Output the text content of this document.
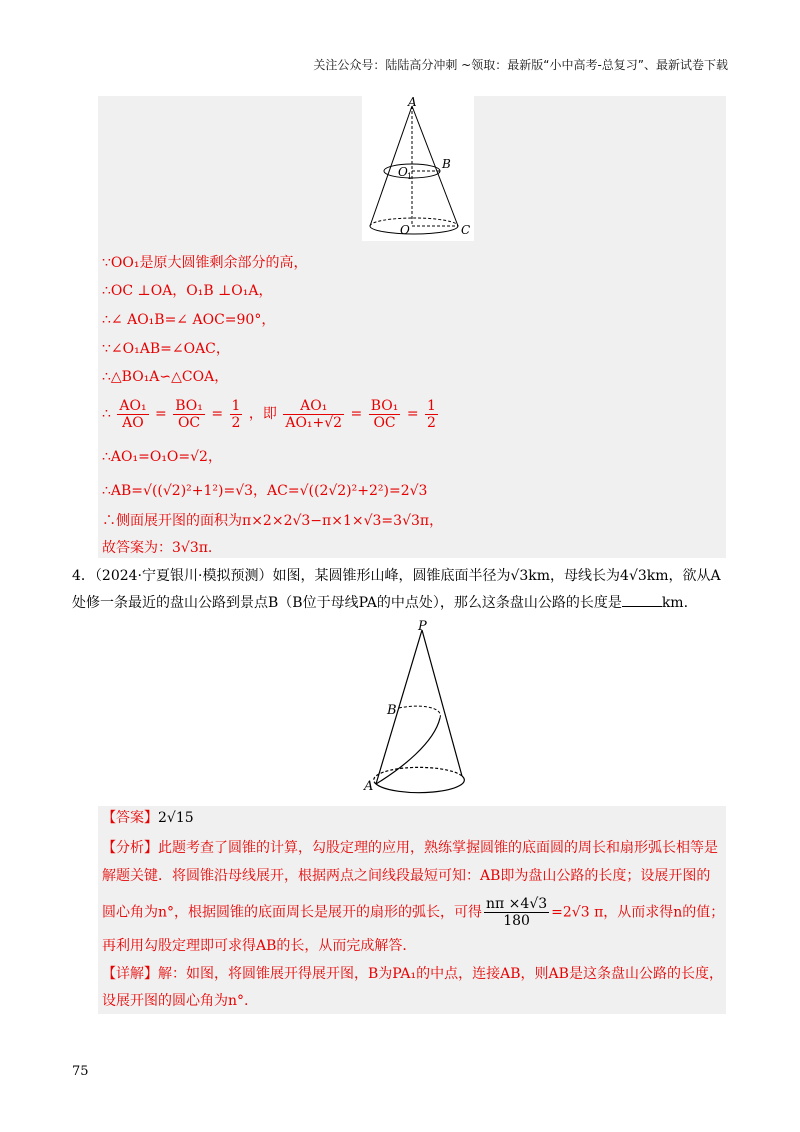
关注公众号：陆陆高分冲刺 ~领取：最新版“小中高考-总复习”、最新试卷下载
A
B
O 1
O	C
∵OO₁是原大圆锥剩余部分的高，
∴OC ⊥OA，O₁B ⊥O₁A，
∴∠ AO₁B=∠ AOC=90°，
∵∠O₁AB=∠OAC，
∴△BO₁A∽△COA，
∴ $\frac{\text{AO₁}}{AO} = \frac{\text{BO₁}}{OC} = \frac{1}{2}$ ，即 $\frac{\text{AO₁}}{\text{AO₁+√2}} = \frac{\text{BO₁}}{OC} = \frac{1}{2}$
∴AO₁=O₁O=√2，
∴AB=√((√2)²+1²)=√3，AC=√((2√2)²+2²)=2√3
∴侧面展开图的面积为π×2×2√3−π×1×√3=3√3π，
故答案为：3√3π.
4．（2024·宁夏银川·模拟预测）如图，某圆锥形山峰，圆锥底面半径为√3km，母线长为4√3km，欲从A
处修一条最近的盘山公路到景点B（B位于母线PA的中点处），那么这条盘山公路的长度是	km.
P
B
A
【答案】2√15
【分析】此题考查了圆锥的计算，勾股定理的应用，熟练掌握圆锥的底面圆的周长和扇形弧长相等是
解题关键．将圆锥沿母线展开，根据两点之间线段最短可知：AB即为盘山公路的长度；设展开图的
圆心角为n°，根据圆锥的底面周长是展开的扇形的弧长，可得 $\frac{n\pi \times 4√3}{180} =2√3$ π，从而求得n的值；
再利用勾股定理即可求得AB的长，从而完成解答．
【详解】解：如图，将圆锥展开得展开图，B为PA₁的中点，连接AB，则AB是这条盘山公路的长度，
设展开图的圆心角为n°.
75
